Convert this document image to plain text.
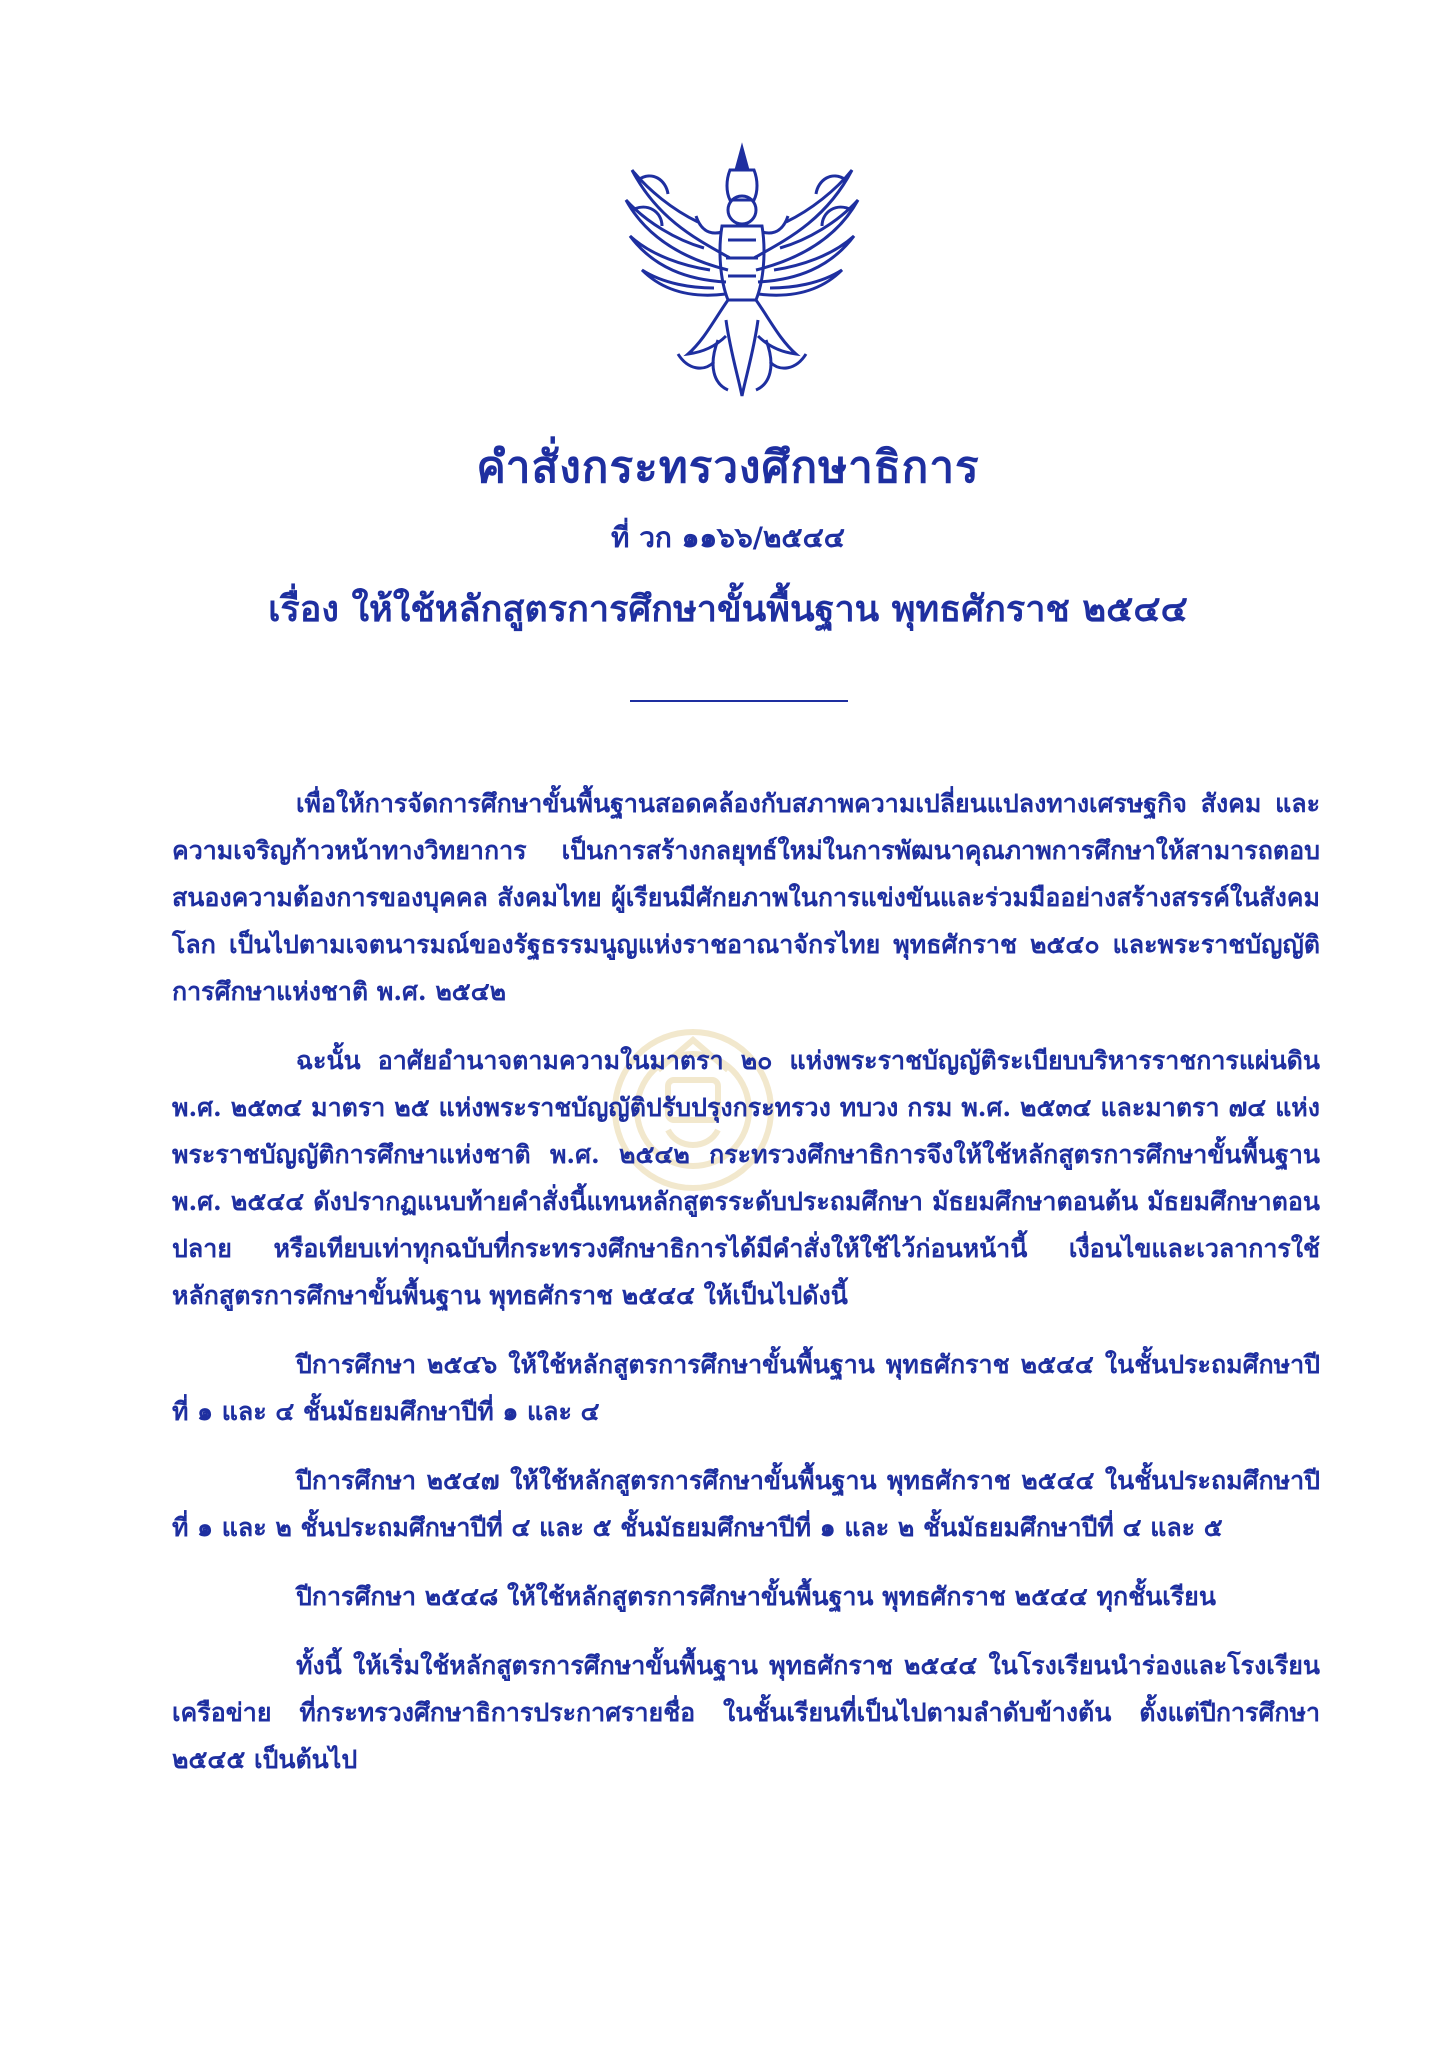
คำสั่งกระทรวงศึกษาธิการ
ที่ วก ๑๑๖๖/๒๕๔๔
เรื่อง ให้ใช้หลักสูตรการศึกษาขั้นพื้นฐาน พุทธศักราช ๒๕๔๔

เพื่อให้การจัดการศึกษาขั้นพื้นฐานสอดคล้องกับสภาพความเปลี่ยนแปลงทางเศรษฐกิจ สังคม และความเจริญก้าวหน้าทางวิทยาการ เป็นการสร้างกลยุทธ์ใหม่ในการพัฒนาคุณภาพการศึกษาให้สามารถตอบสนองความต้องการของบุคคล สังคมไทย ผู้เรียนมีศักยภาพในการแข่งขันและร่วมมืออย่างสร้างสรรค์ในสังคมโลก เป็นไปตามเจตนารมณ์ของรัฐธรรมนูญแห่งราชอาณาจักรไทย พุทธศักราช ๒๕๔๐ และพระราชบัญญัติการศึกษาแห่งชาติ พ.ศ. ๒๕๔๒

ฉะนั้น อาศัยอำนาจตามความในมาตรา ๒๐ แห่งพระราชบัญญัติระเบียบบริหารราชการแผ่นดิน พ.ศ. ๒๕๓๔ มาตรา ๒๕ แห่งพระราชบัญญัติปรับปรุงกระทรวง ทบวง กรม พ.ศ. ๒๕๓๔ และมาตรา ๗๔ แห่งพระราชบัญญัติการศึกษาแห่งชาติ พ.ศ. ๒๕๔๒ กระทรวงศึกษาธิการจึงให้ใช้หลักสูตรการศึกษาขั้นพื้นฐาน พ.ศ. ๒๕๔๔ ดังปรากฏแนบท้ายคำสั่งนี้แทนหลักสูตรระดับประถมศึกษา มัธยมศึกษาตอนต้น มัธยมศึกษาตอนปลาย หรือเทียบเท่าทุกฉบับที่กระทรวงศึกษาธิการได้มีคำสั่งให้ใช้ไว้ก่อนหน้านี้ เงื่อนไขและเวลาการใช้หลักสูตรการศึกษาขั้นพื้นฐาน พุทธศักราช ๒๕๔๔ ให้เป็นไปดังนี้

ปีการศึกษา ๒๕๔๖ ให้ใช้หลักสูตรการศึกษาขั้นพื้นฐาน พุทธศักราช ๒๕๔๔ ในชั้นประถมศึกษาปีที่ ๑ และ ๔ ชั้นมัธยมศึกษาปีที่ ๑ และ ๔

ปีการศึกษา ๒๕๔๗ ให้ใช้หลักสูตรการศึกษาขั้นพื้นฐาน พุทธศักราช ๒๕๔๔ ในชั้นประถมศึกษาปีที่ ๑ และ ๒ ชั้นประถมศึกษาปีที่ ๔ และ ๕ ชั้นมัธยมศึกษาปีที่ ๑ และ ๒ ชั้นมัธยมศึกษาปีที่ ๔ และ ๕

ปีการศึกษา ๒๕๔๘ ให้ใช้หลักสูตรการศึกษาขั้นพื้นฐาน พุทธศักราช ๒๕๔๔ ทุกชั้นเรียน

ทั้งนี้ ให้เริ่มใช้หลักสูตรการศึกษาขั้นพื้นฐาน พุทธศักราช ๒๕๔๔ ในโรงเรียนนำร่องและโรงเรียนเครือข่าย ที่กระทรวงศึกษาธิการประกาศรายชื่อ ในชั้นเรียนที่เป็นไปตามลำดับข้างต้น ตั้งแต่ปีการศึกษา ๒๕๔๕ เป็นต้นไป
